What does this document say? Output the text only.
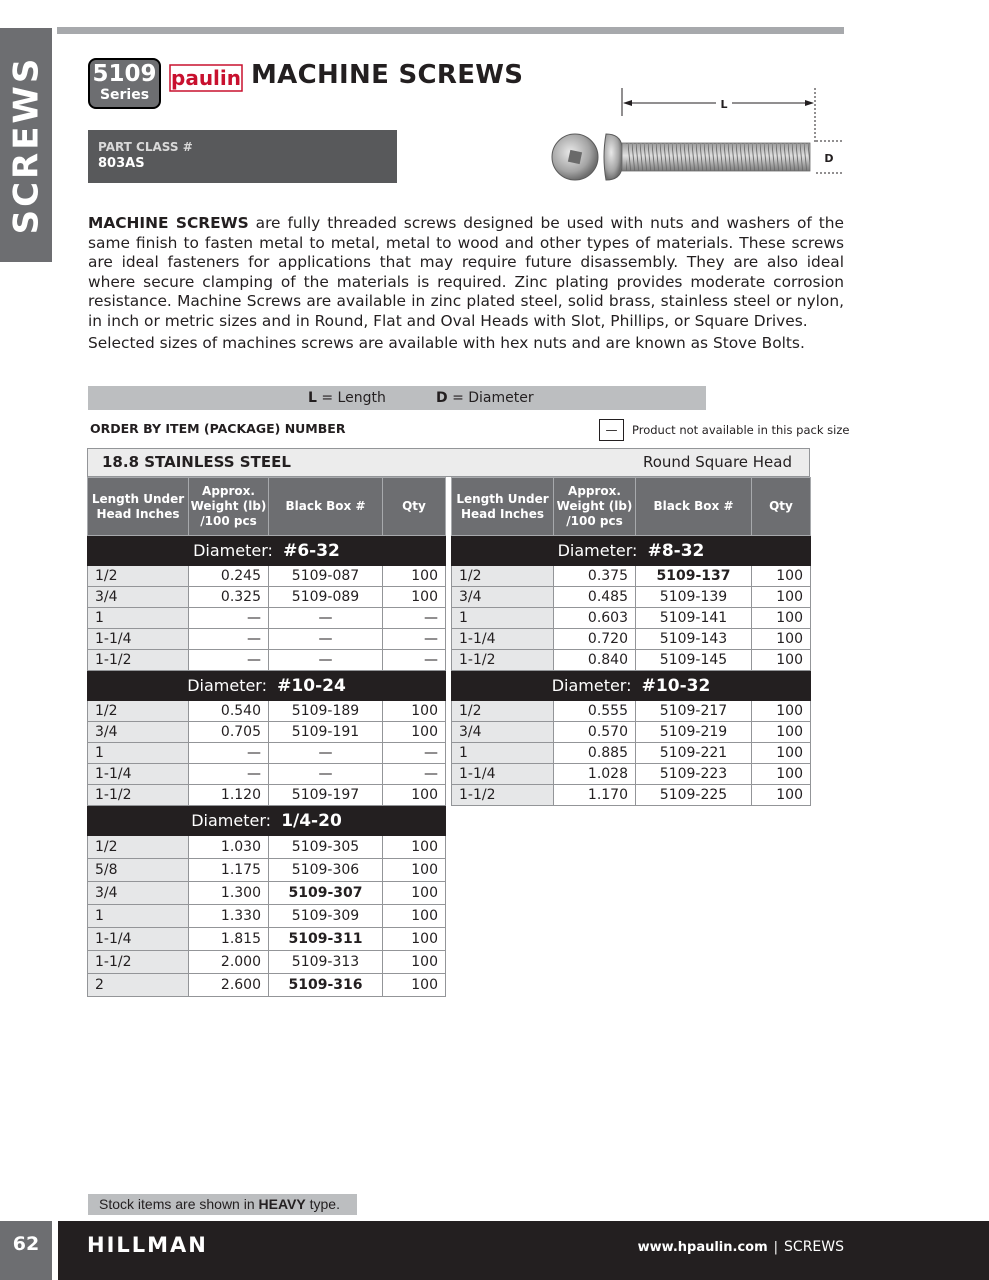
SCREWS 5109
Series
paulin MACHINE SCREWS
PART CLASS #
803AS
L
D

MACHINE SCREWS are fully threaded screws designed be used with nuts and washers of the same finish to fasten metal to metal, metal to wood and other types of materials. These screws are ideal fasteners for applications that may require future disassembly. They are also ideal where secure clamping of the materials is required. Zinc plating provides moderate corrosion resistance. Machine Screws are available in zinc plated steel, solid brass, stainless steel or nylon, in inch or metric sizes and in Round, Flat and Oval Heads with Slot, Phillips, or Square Drives.

Selected sizes of machines screws are available with hex nuts and are known as Stove Bolts.

L = Length	D = Diameter
ORDER BY ITEM (PACKAGE) NUMBER	—	Product not available in this pack size
18.8 STAINLESS STEEL	Round Square Head
Length Under Head Inches	Approx. Weight (lb) /100 pcs	Black Box #	Qty
Diameter: #6-32			
1/2	0.245	5109-087	100
3/4	0.325	5109-089	100
1	—	—	—
1-1/4	—	—	—
1-1/2	—	—	—
Diameter: #10-24			
1/2	0.540	5109-189	100
3/4	0.705	5109-191	100
1	—	—	—
1-1/4	—	—	—
1-1/2	1.120	5109-197	100
Diameter: 1/4-20			
1/2	1.030	5109-305	100
5/8	1.175	5109-306	100
3/4	1.300	5109-307	100
1	1.330	5109-309	100
1-1/4	1.815	5109-311	100
1-1/2	2.000	5109-313	100
2	2.600	5109-316	100
Length Under Head Inches	Approx. Weight (lb) /100 pcs	Black Box #	Qty
Diameter: #8-32			
1/2	0.375	5109-137	100
3/4	0.485	5109-139	100
1	0.603	5109-141	100
1-1/4	0.720	5109-143	100
1-1/2	0.840	5109-145	100
Diameter: #10-32			
1/2	0.555	5109-217	100
3/4	0.570	5109-219	100
1	0.885	5109-221	100
1-1/4	1.028	5109-223	100
1-1/2	1.170	5109-225	100
Stock items are shown in HEAVY type.
62	HILLMAN	www.hpaulin.com | SCREWS
